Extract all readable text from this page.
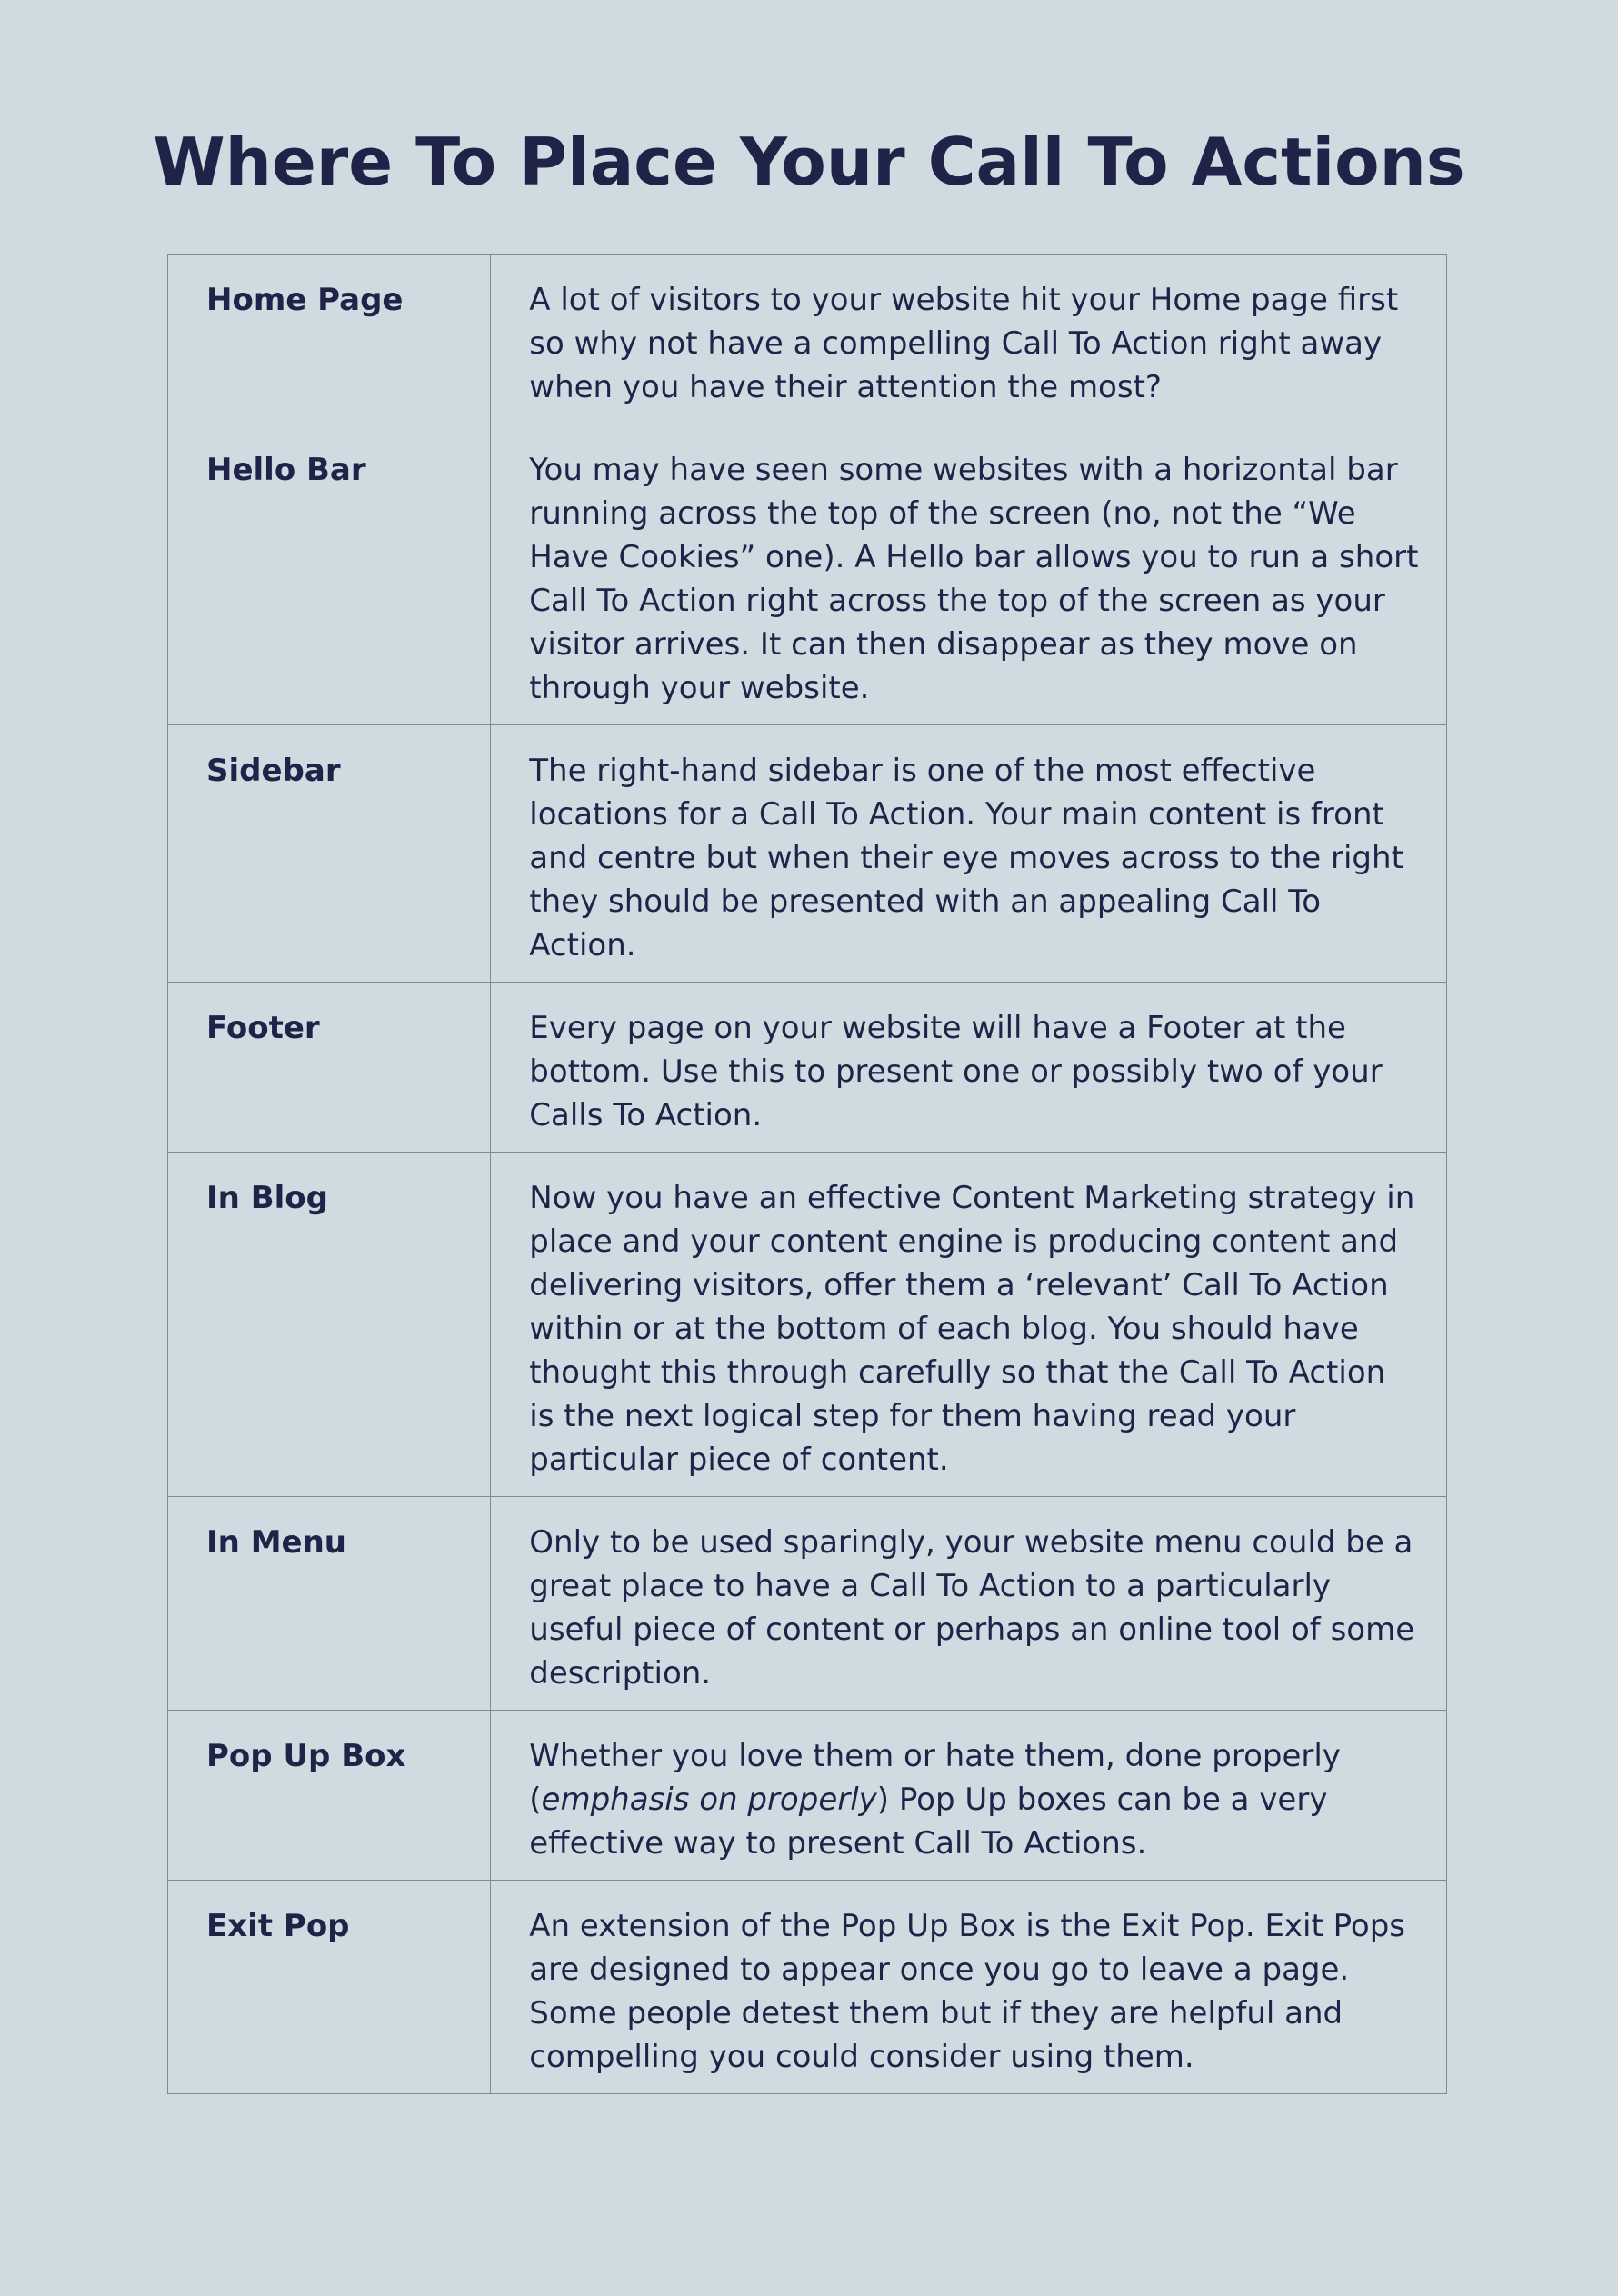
Where To Place Your Call To Actions
Home Page	A lot of visitors to your website hit your Home page first so why not have a compelling Call To Action right away when you have their attention the most?
Hello Bar	You may have seen some websites with a horizontal bar running across the top of the screen (no, not the “We Have Cookies” one). A Hello bar allows you to run a short Call To Action right across the top of the screen as your visitor arrives. It can then disappear as they move on through your website.
Sidebar	The right-hand sidebar is one of the most effective locations for a Call To Action. Your main content is front and centre but when their eye moves across to the right they should be presented with an appealing Call To Action.
Footer	Every page on your website will have a Footer at the bottom. Use this to present one or possibly two of your Calls To Action.
In Blog	Now you have an effective Content Marketing strategy in place and your content engine is producing content and delivering visitors, offer them a ‘relevant’ Call To Action within or at the bottom of each blog. You should have thought this through carefully so that the Call To Action is the next logical step for them having read your particular piece of content.
In Menu	Only to be used sparingly, your website menu could be a great place to have a Call To Action to a particularly useful piece of content or perhaps an online tool of some description.
Pop Up Box	Whether you love them or hate them, done properly (emphasis on properly) Pop Up boxes can be a very effective way to present Call To Actions.
Exit Pop	An extension of the Pop Up Box is the Exit Pop. Exit Pops are designed to appear once you go to leave a page. Some people detest them but if they are helpful and compelling you could consider using them.
